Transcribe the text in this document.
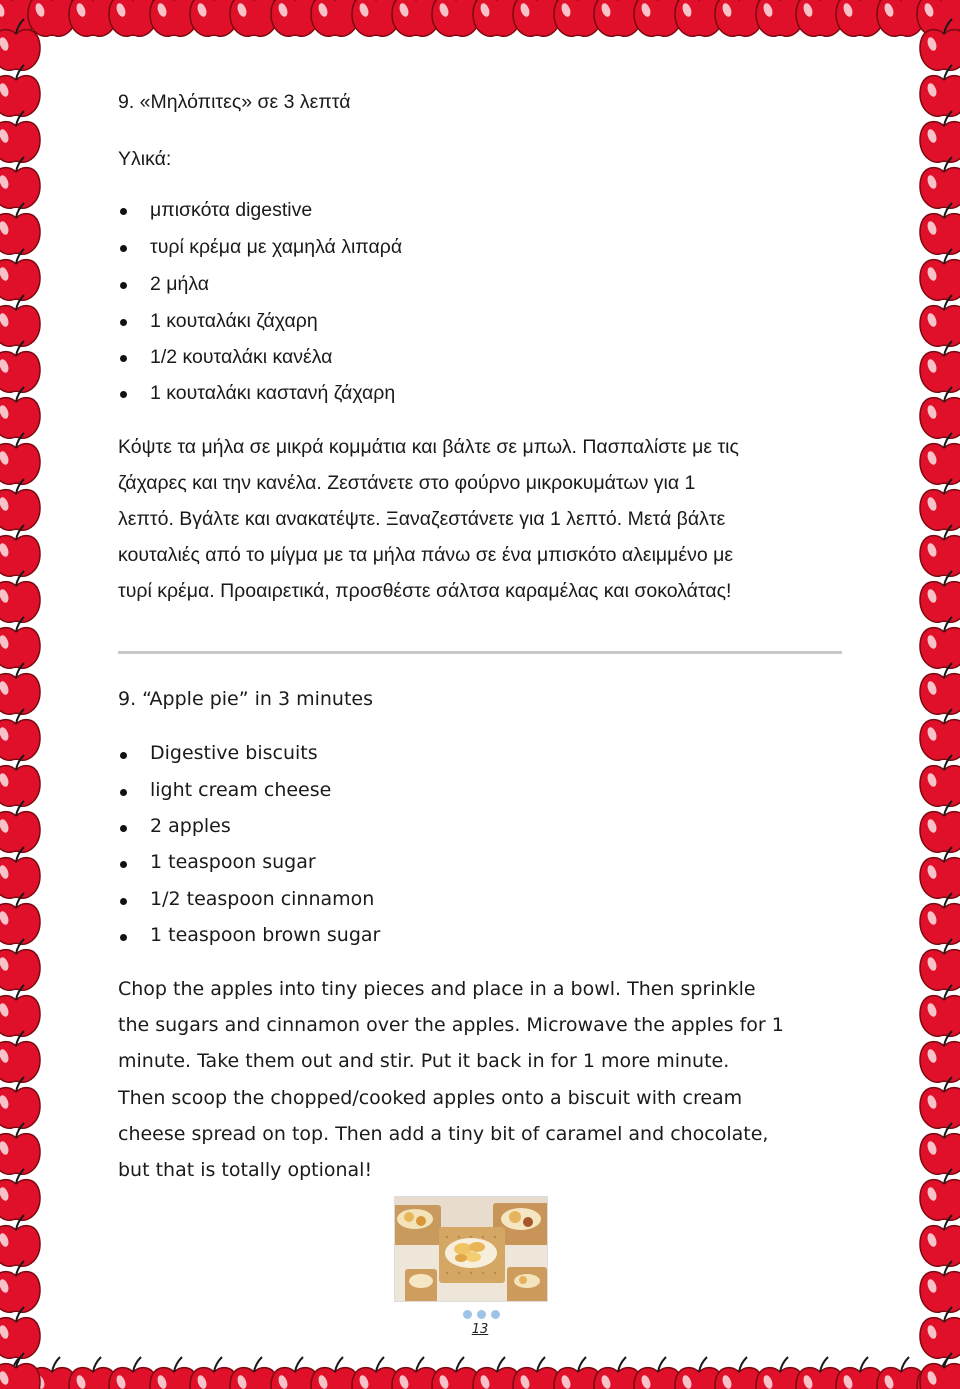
9. «Μηλόπιτες» σε 3 λεπτά
Υλικά:
μπισκότα digestive
τυρί κρέμα με χαμηλά λιπαρά
2 μήλα
1 κουταλάκι ζάχαρη
1/2 κουταλάκι κανέλα
1 κουταλάκι καστανή ζάχαρη
Κόψτε τα μήλα σε μικρά κομμάτια και βάλτε σε μπωλ. Πασπαλίστε με τις
ζάχαρες και την κανέλα. Ζεστάνετε στο φούρνο μικροκυμάτων για 1
λεπτό. Βγάλτε και ανακατέψτε. Ξαναζεστάνετε για 1 λεπτό. Μετά βάλτε
κουταλιές από το μίγμα με τα μήλα πάνω σε ένα μπισκότο αλειμμένο με
τυρί κρέμα. Προαιρετικά, προσθέστε σάλτσα καραμέλας και σοκολάτας!
9. “Apple pie” in 3 minutes
Digestive biscuits
light cream cheese
2 apples
1 teaspoon sugar
1/2 teaspoon cinnamon
1 teaspoon brown sugar
Chop the apples into tiny pieces and place in a bowl. Then sprinkle
the sugars and cinnamon over the apples. Microwave the apples for 1
minute. Take them out and stir. Put it back in for 1 more minute.
Then scoop the chopped/cooked apples onto a biscuit with cream
cheese spread on top. Then add a tiny bit of caramel and chocolate,
but that is totally optional!
13
